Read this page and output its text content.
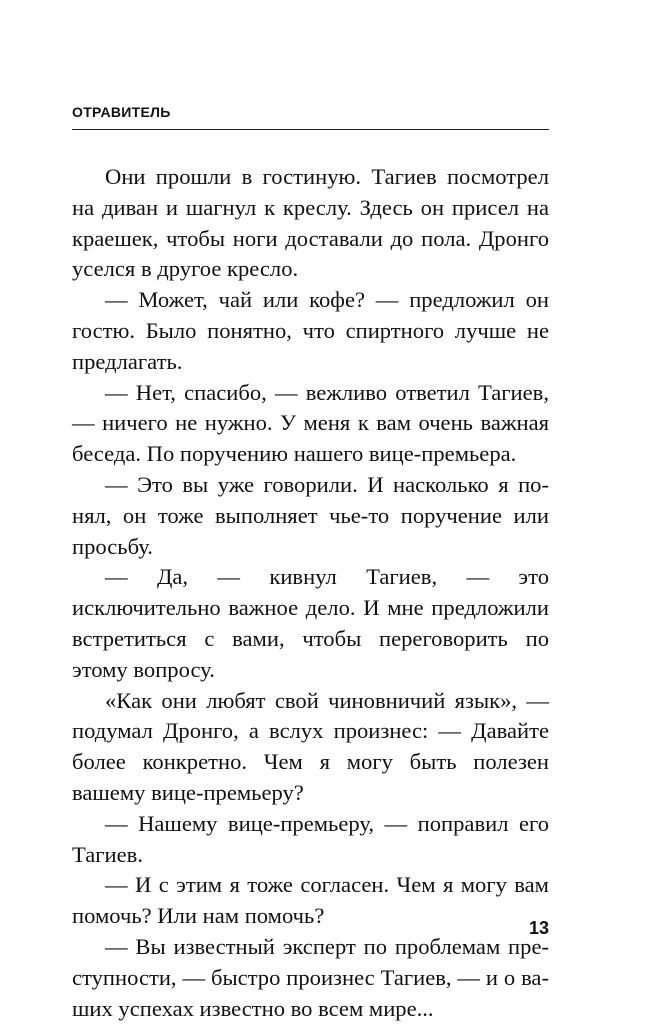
ОТРАВИТЕЛЬ

Они прошли в гостиную. Тагиев посмотрел на диван и шагнул к креслу. Здесь он присел на краешек, чтобы ноги доставали до пола. Дронго уселся в другое кресло.

— Может, чай или кофе? — предложил он гостю. Было понятно, что спиртного лучше не предлагать.

— Нет, спасибо, — вежливо ответил Тагиев, — ничего не нужно. У меня к вам очень важная беседа. По поручению нашего вице-премьера.

— Это вы уже говорили. И насколько я понял, он тоже выполняет чье-то поручение или просьбу.

— Да, — кивнул Тагиев, — это исключительно важное дело. И мне предложили встретиться с вами, чтобы переговорить по этому вопросу.

«Как они любят свой чиновничий язык», — подумал Дронго, а вслух произнес: — Давайте более конкретно. Чем я могу быть полезен вашему вице-премьеру?

— Нашему вице-премьеру, — поправил его Тагиев.

— И с этим я тоже согласен. Чем я могу вам помочь? Или нам помочь?

— Вы известный эксперт по проблемам преступности, — быстро произнес Тагиев, — и о ваших успехах известно во всем мире...

13
